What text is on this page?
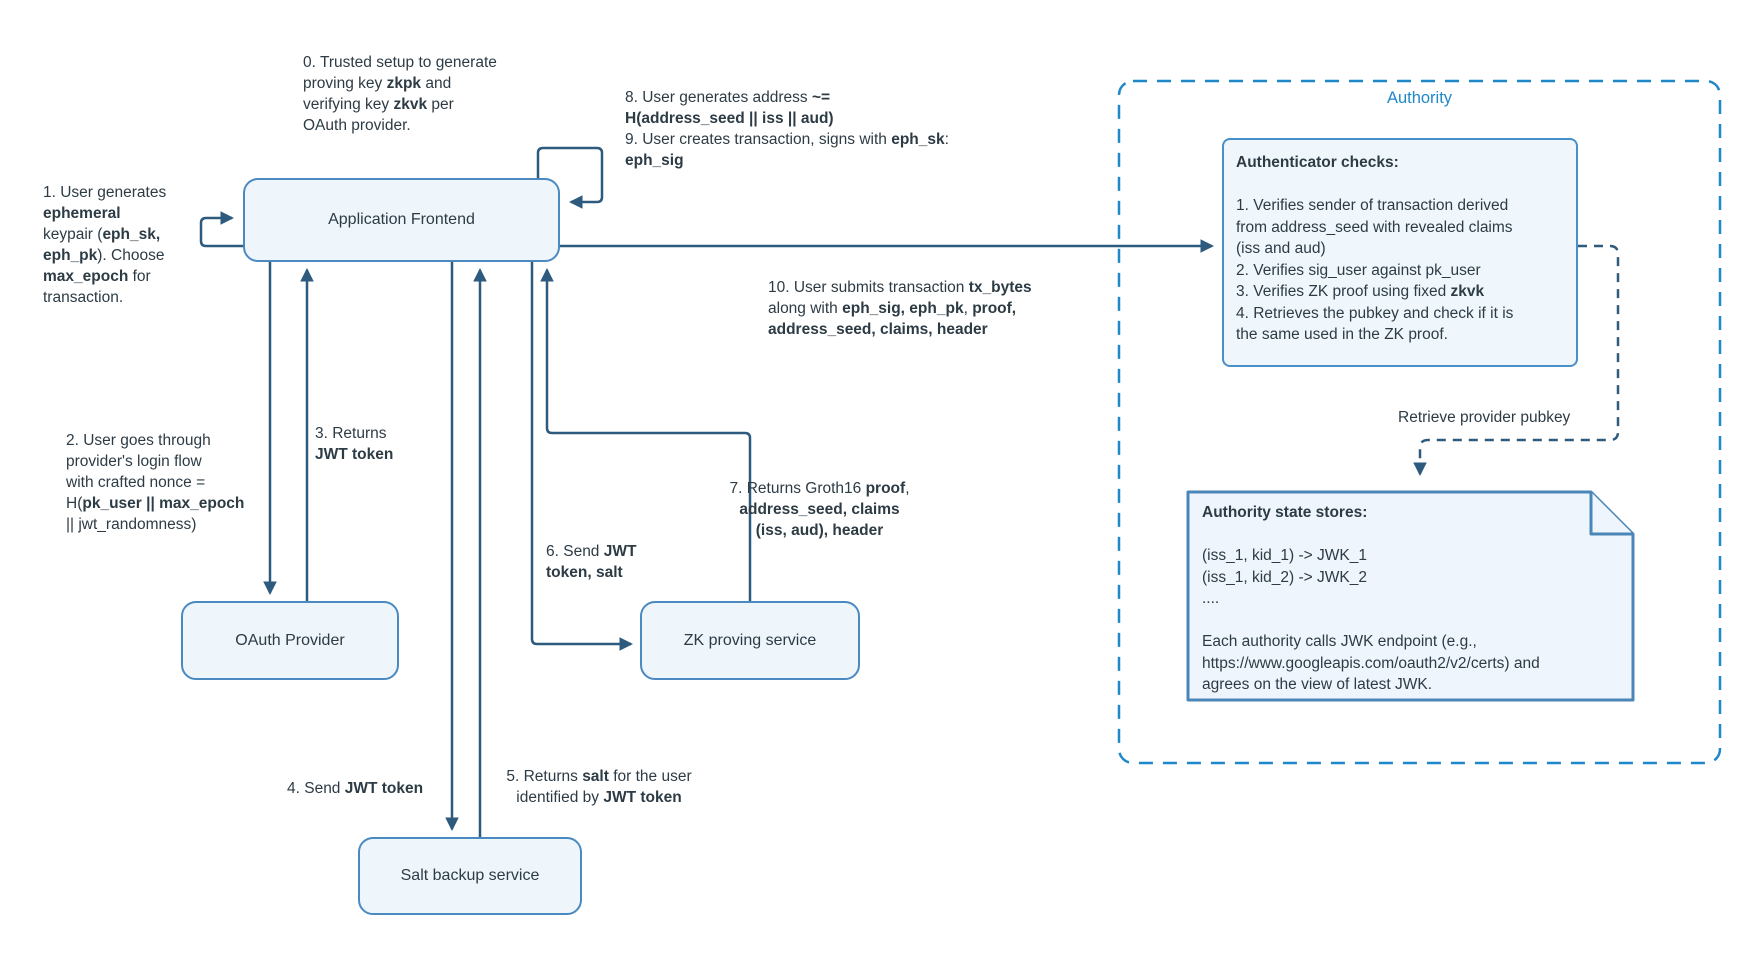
Application Frontend
OAuth Provider	ZK proving service
Salt backup service
Authority
Authenticator checks:

1. Verifies sender of transaction derived
from address_seed with revealed claims
(iss and aud)
2. Verifies sig_user against pk_user
3. Verifies ZK proof using fixed zkvk
4. Retrieves the pubkey and check if it is
the same used in the ZK proof.
Authority state stores:

(iss_1, kid_1) -> JWK_1
(iss_1, kid_2) -> JWK_2
....

Each authority calls JWK endpoint (e.g.,
https://www.googleapis.com/oauth2/v2/certs) and
agrees on the view of latest JWK.
0. Trusted setup to generate
proving key zkpk and
verifying key zkvk per
OAuth provider.
1. User generates
ephemeral
keypair (eph_sk,
eph_pk). Choose
max_epoch for
transaction.
8. User generates address ~=
H(address_seed || iss || aud)
9. User creates transaction, signs with eph_sk:
eph_sig
10. User submits transaction tx_bytes
along with eph_sig, eph_pk, proof,
address_seed, claims, header
2. User goes through
provider's login flow
with crafted nonce =
H(pk_user || max_epoch
|| jwt_randomness)
3. Returns
JWT token
4. Send JWT token
5. Returns salt for the user
identified by JWT token
6. Send JWT
token, salt
7. Returns Groth16 proof,
address_seed, claims
(iss, aud), header
Retrieve provider pubkey
